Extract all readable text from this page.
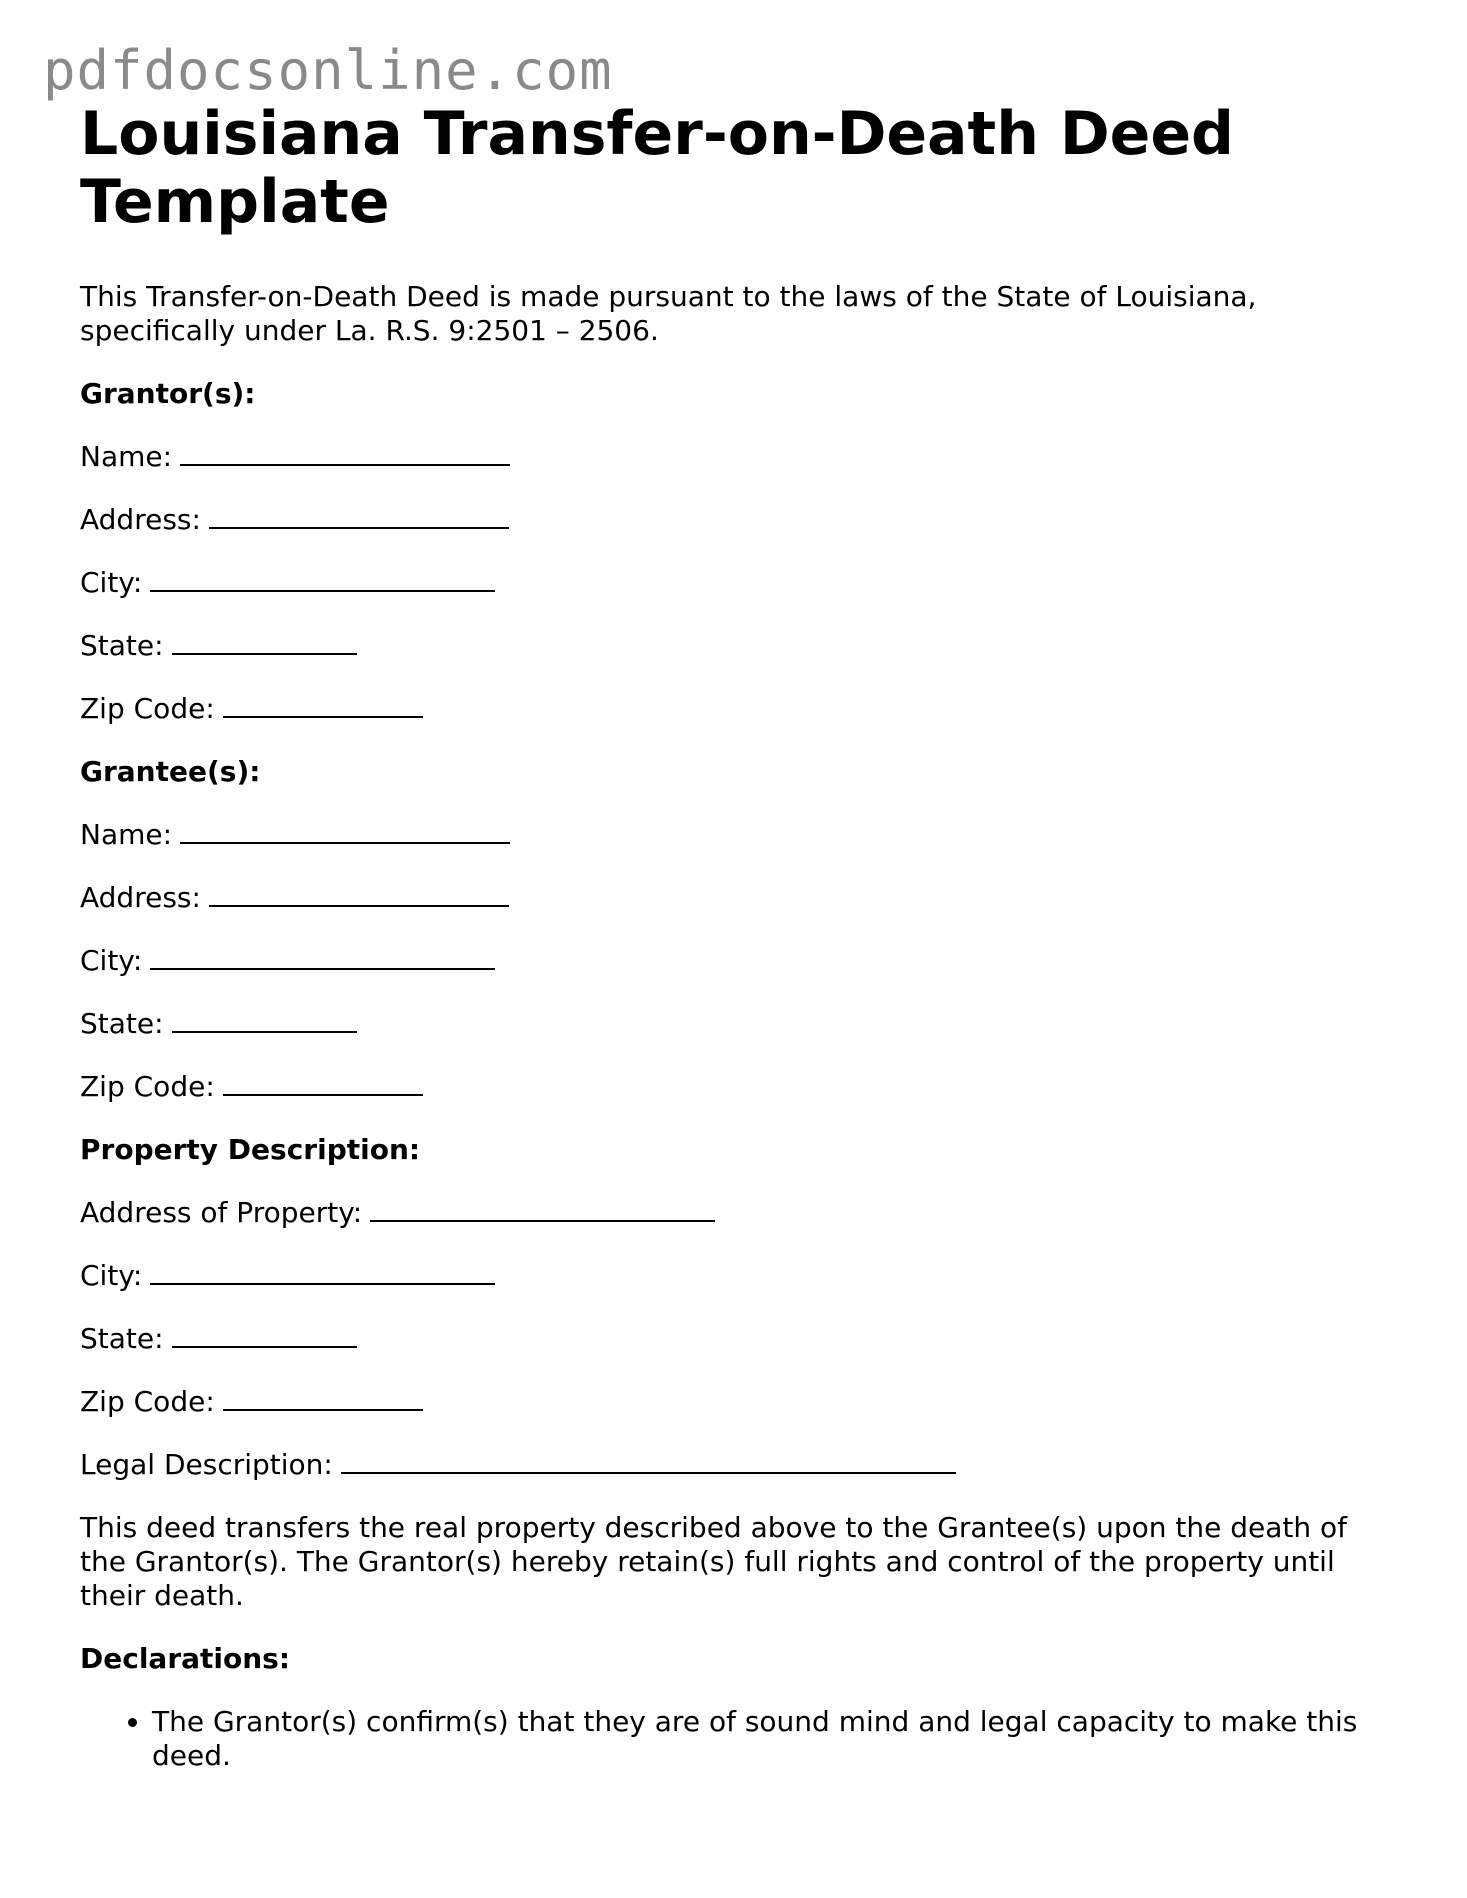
pdfdocsonline.com
Louisiana Transfer-on-Death Deed Template

This Transfer-on-Death Deed is made pursuant to the laws of the State of Louisiana, specifically under La. R.S. 9:2501 – 2506.

Grantor(s):

Name:

Address:

City:

State:

Zip Code:

Grantee(s):

Name:

Address:

City:

State:

Zip Code:

Property Description:

Address of Property:

City:

State:

Zip Code:

Legal Description:

This deed transfers the real property described above to the Grantee(s) upon the death of the Grantor(s). The Grantor(s) hereby retain(s) full rights and control of the property until their death.

Declarations:

• The Grantor(s) confirm(s) that they are of sound mind and legal capacity to make this deed.
